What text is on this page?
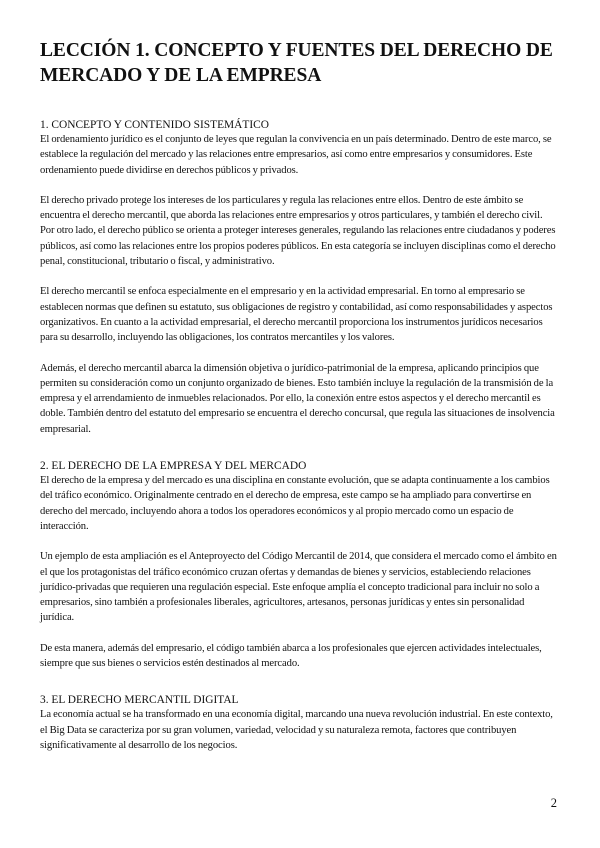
LECCIÓN 1. CONCEPTO Y FUENTES DEL DERECHO DE MERCADO Y DE LA EMPRESA
1. CONCEPTO Y CONTENIDO SISTEMÁTICO

El ordenamiento jurídico es el conjunto de leyes que regulan la convivencia en un país determinado. Dentro de este marco, se establece la regulación del mercado y las relaciones entre empresarios, así como entre empresarios y consumidores. Este ordenamiento puede dividirse en derechos públicos y privados.

El derecho privado protege los intereses de los particulares y regula las relaciones entre ellos. Dentro de este ámbito se encuentra el derecho mercantil, que aborda las relaciones entre empresarios y otros particulares, y también el derecho civil. Por otro lado, el derecho público se orienta a proteger intereses generales, regulando las relaciones entre ciudadanos y poderes públicos, así como las relaciones entre los propios poderes públicos. En esta categoría se incluyen disciplinas como el derecho penal, constitucional, tributario o fiscal, y administrativo.

El derecho mercantil se enfoca especialmente en el empresario y en la actividad empresarial. En torno al empresario se establecen normas que definen su estatuto, sus obligaciones de registro y contabilidad, así como responsabilidades y aspectos organizativos. En cuanto a la actividad empresarial, el derecho mercantil proporciona los instrumentos jurídicos necesarios para su desarrollo, incluyendo las obligaciones, los contratos mercantiles y los valores.

Además, el derecho mercantil abarca la dimensión objetiva o jurídico-patrimonial de la empresa, aplicando principios que permiten su consideración como un conjunto organizado de bienes. Esto también incluye la regulación de la transmisión de la empresa y el arrendamiento de inmuebles relacionados. Por ello, la conexión entre estos aspectos y el derecho mercantil es doble. También dentro del estatuto del empresario se encuentra el derecho concursal, que regula las situaciones de insolvencia empresarial.

2. EL DERECHO DE LA EMPRESA Y DEL MERCADO

El derecho de la empresa y del mercado es una disciplina en constante evolución, que se adapta continuamente a los cambios del tráfico económico. Originalmente centrado en el derecho de empresa, este campo se ha ampliado para convertirse en derecho del mercado, incluyendo ahora a todos los operadores económicos y al propio mercado como un espacio de interacción.

Un ejemplo de esta ampliación es el Anteproyecto del Código Mercantil de 2014, que considera el mercado como el ámbito en el que los protagonistas del tráfico económico cruzan ofertas y demandas de bienes y servicios, estableciendo relaciones jurídico-privadas que requieren una regulación especial. Este enfoque amplía el concepto tradicional para incluir no solo a empresarios, sino también a profesionales liberales, agricultores, artesanos, personas jurídicas y entes sin personalidad jurídica.

De esta manera, además del empresario, el código también abarca a los profesionales que ejercen actividades intelectuales, siempre que sus bienes o servicios estén destinados al mercado.

3. EL DERECHO MERCANTIL DIGITAL

La economía actual se ha transformado en una economía digital, marcando una nueva revolución industrial. En este contexto, el Big Data se caracteriza por su gran volumen, variedad, velocidad y su naturaleza remota, factores que contribuyen significativamente al desarrollo de los negocios.

2
